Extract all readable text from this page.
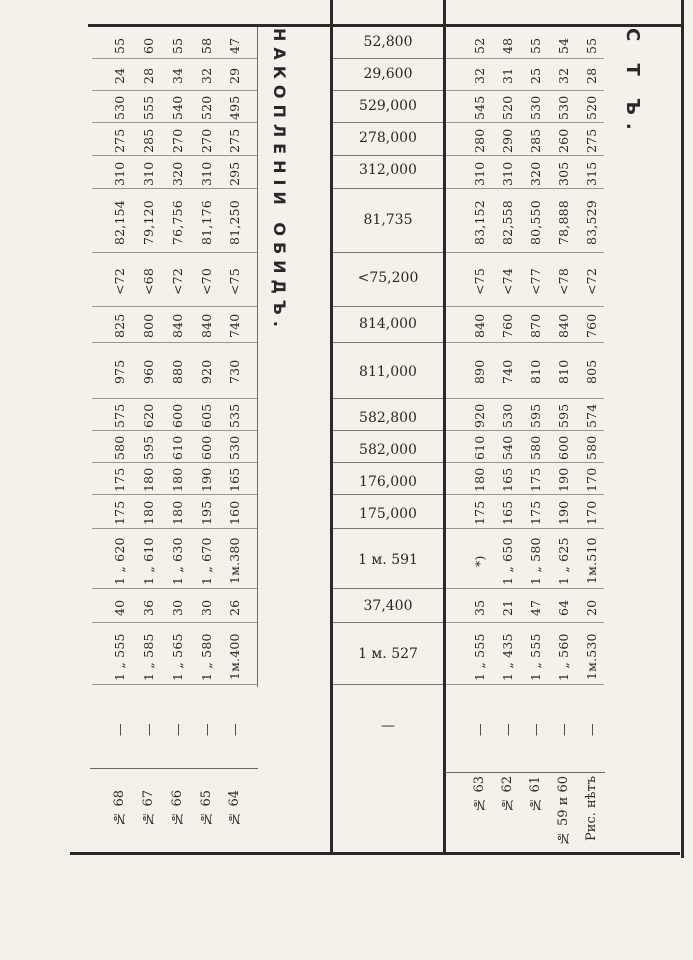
НАКОПЛЕНІИ ОБИДЪ.	С Т Ъ.
52,800
29,600
529,000
278,000
312,000
81,735
<75,200
814,000
811,000
582,800
582,000
176,000
175,000
1 м. 591
37,400
1 м. 527
—
55
24
530
275
310
82,154
<72
825
975
575
580
175
175
1 „ 620
40
1 „ 555
—
№ 68
60
28
555
285
310
79,120
<68
800
960
620
595
180
180
1 „ 610
36
1 „ 585
—
№ 67
55
34
540
270
320
76,756
<72
840
880
600
610
180
180
1 „ 630
30
1 „ 565
—
№ 66
58
32
520
270
310
81,176
<70
840
920
605
600
190
195
1 „ 670
30
1 „ 580
—
№ 65
47
29
495
275
295
81,250
<75
740
730
535
530
165
160
1м.380
26
1м.400
—
№ 64
52
32
545
280
310
83,152
<75
840
890
920
610
180
175
*)
35
1 „ 555
—
№ 63
48
31
520
290
310
82,558
<74
760
740
530
540
165
165
1 „ 650
21
1 „ 435
—
№ 62
55
25
530
285
320
80,550
<77
870
810
595
580
175
175
1 „ 580
47
1 „ 555
—
№ 61
54
32
530
260
305
78,888
<78
840
810
595
600
190
190
1 „ 625
64
1 „ 560
—
№ 59 и 60
55
28
520
275
315
83,529
<72
760
805
574
580
170
170
1м.510
20
1м.530
—
Рис. нѣтъ
